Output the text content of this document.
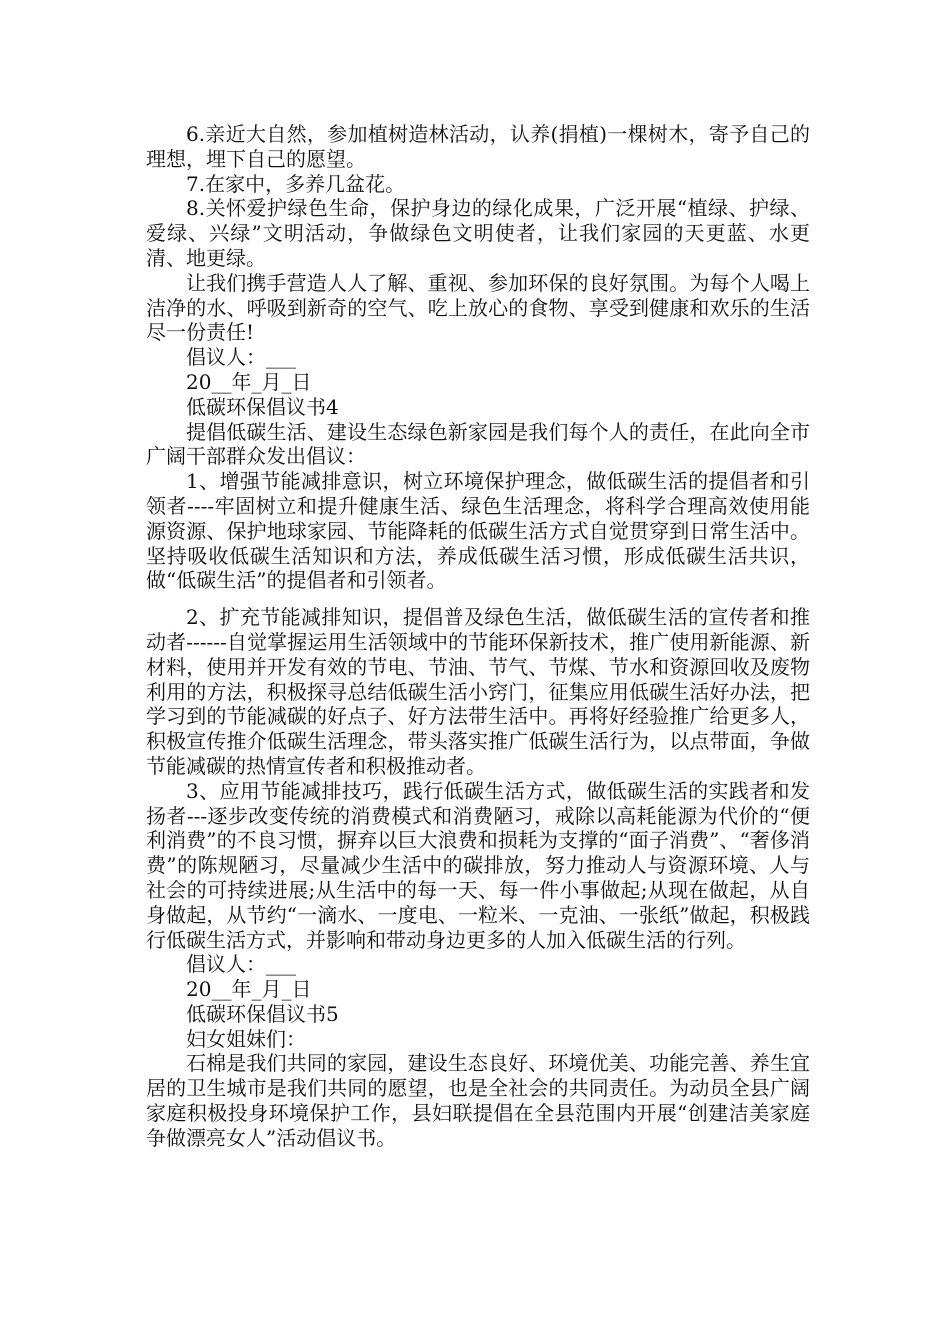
6.亲近大自然，参加植树造林活动，认养(捐植)一棵树木，寄予自己的理想，埋下自己的愿望。

7.在家中，多养几盆花。

8.关怀爱护绿色生命，保护身边的绿化成果，广泛开展“植绿、护绿、爱绿、兴绿”文明活动，争做绿色文明使者，让我们家园的天更蓝、水更清、地更绿。

让我们携手营造人人了解、重视、参加环保的良好氛围。为每个人喝上洁净的水、呼吸到新奇的空气、吃上放心的食物、享受到健康和欢乐的生活尽一份责任!

倡议人：___

20__年_月_日

低碳环保倡议书4

提倡低碳生活、建设生态绿色新家园是我们每个人的责任，在此向全市广阔干部群众发出倡议：

1、增强节能减排意识，树立环境保护理念，做低碳生活的提倡者和引领者----牢固树立和提升健康生活、绿色生活理念，将科学合理高效使用能源资源、保护地球家园、节能降耗的低碳生活方式自觉贯穿到日常生活中。坚持吸收低碳生活知识和方法，养成低碳生活习惯，形成低碳生活共识，做“低碳生活”的提倡者和引领者。

2、扩充节能减排知识，提倡普及绿色生活，做低碳生活的宣传者和推动者------自觉掌握运用生活领域中的节能环保新技术，推广使用新能源、新材料，使用并开发有效的节电、节油、节气、节煤、节水和资源回收及废物利用的方法，积极探寻总结低碳生活小窍门，征集应用低碳生活好办法，把学习到的节能减碳的好点子、好方法带生活中。再将好经验推广给更多人，积极宣传推介低碳生活理念，带头落实推广低碳生活行为，以点带面，争做节能减碳的热情宣传者和积极推动者。

3、应用节能减排技巧，践行低碳生活方式，做低碳生活的实践者和发扬者---逐步改变传统的消费模式和消费陋习，戒除以高耗能源为代价的“便利消费”的不良习惯，摒弃以巨大浪费和损耗为支撑的“面子消费”、“奢侈消费”的陈规陋习，尽量减少生活中的碳排放，努力推动人与资源环境、人与社会的可持续进展;从生活中的每一天、每一件小事做起;从现在做起，从自身做起，从节约“一滴水、一度电、一粒米、一克油、一张纸”做起，积极践行低碳生活方式，并影响和带动身边更多的人加入低碳生活的行列。

倡议人：___

20__年_月_日

低碳环保倡议书5

妇女姐妹们：

石棉是我们共同的家园，建设生态良好、环境优美、功能完善、养生宜居的卫生城市是我们共同的愿望，也是全社会的共同责任。为动员全县广阔家庭积极投身环境保护工作，县妇联提倡在全县范围内开展“创建洁美家庭争做漂亮女人”活动倡议书。
